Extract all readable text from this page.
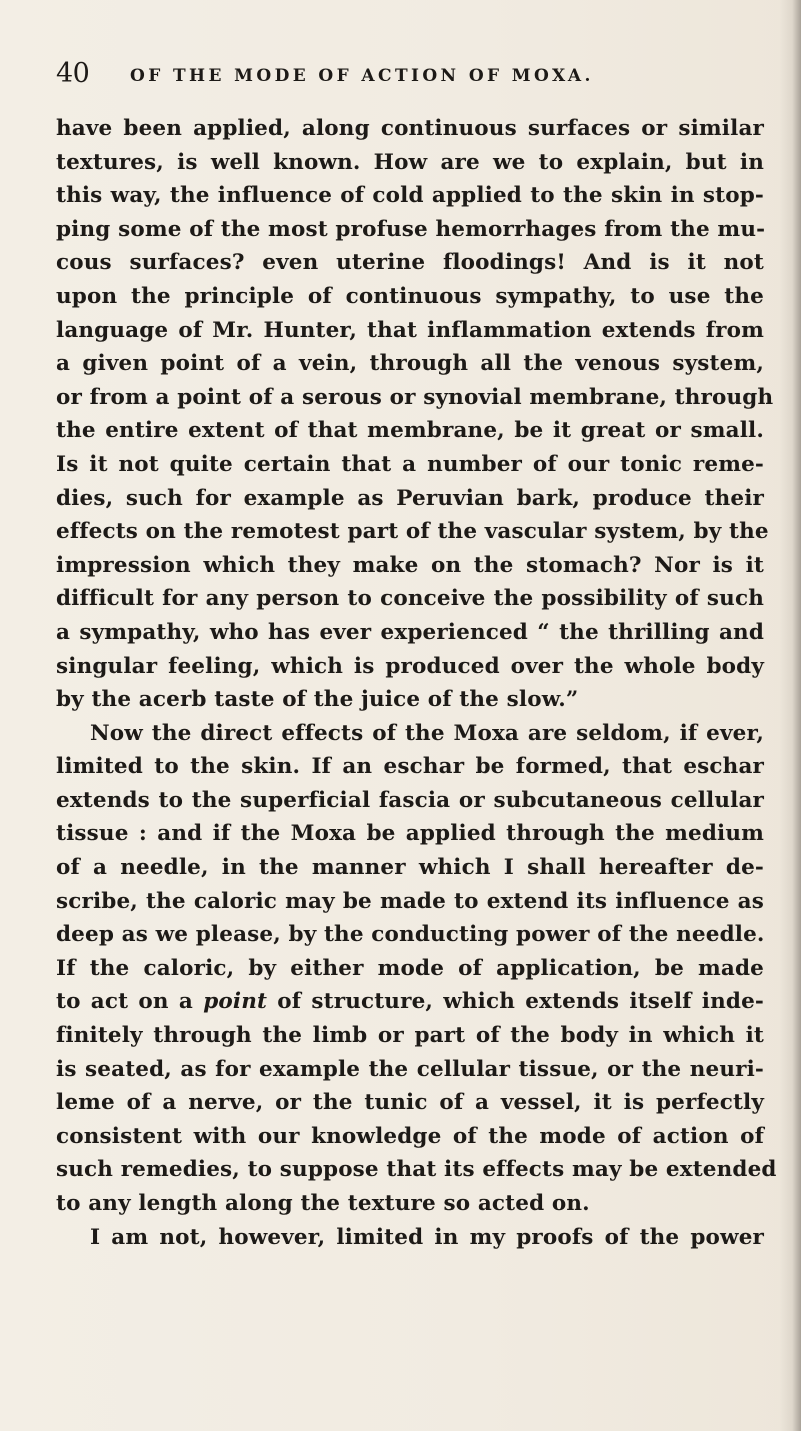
40 OF THE MODE OF ACTION OF MOXA.
have been applied, along continuous surfaces or similar
textures, is well known. How are we to explain, but in
this way, the influence of cold applied to the skin in stop-
ping some of the most profuse hemorrhages from the mu-
cous surfaces? even uterine floodings! And is it not
upon the principle of continuous sympathy, to use the
language of Mr. Hunter, that inflammation extends from
a given point of a vein, through all the venous system,
or from a point of a serous or synovial membrane, through
the entire extent of that membrane, be it great or small.
Is it not quite certain that a number of our tonic reme-
dies, such for example as Peruvian bark, produce their
effects on the remotest part of the vascular system, by the
impression which they make on the stomach? Nor is it
difficult for any person to conceive the possibility of such
a sympathy, who has ever experienced “ the thrilling and
singular feeling, which is produced over the whole body
by the acerb taste of the juice of the slow.”
Now the direct effects of the Moxa are seldom, if ever,
limited to the skin. If an eschar be formed, that eschar
extends to the superficial fascia or subcutaneous cellular
tissue : and if the Moxa be applied through the medium
of a needle, in the manner which I shall hereafter de-
scribe, the caloric may be made to extend its influence as
deep as we please, by the conducting power of the needle.
If the caloric, by either mode of application, be made
to act on a point of structure, which extends itself inde-
finitely through the limb or part of the body in which it
is seated, as for example the cellular tissue, or the neuri-
leme of a nerve, or the tunic of a vessel, it is perfectly
consistent with our knowledge of the mode of action of
such remedies, to suppose that its effects may be extended
to any length along the texture so acted on.
I am not, however, limited in my proofs of the power
